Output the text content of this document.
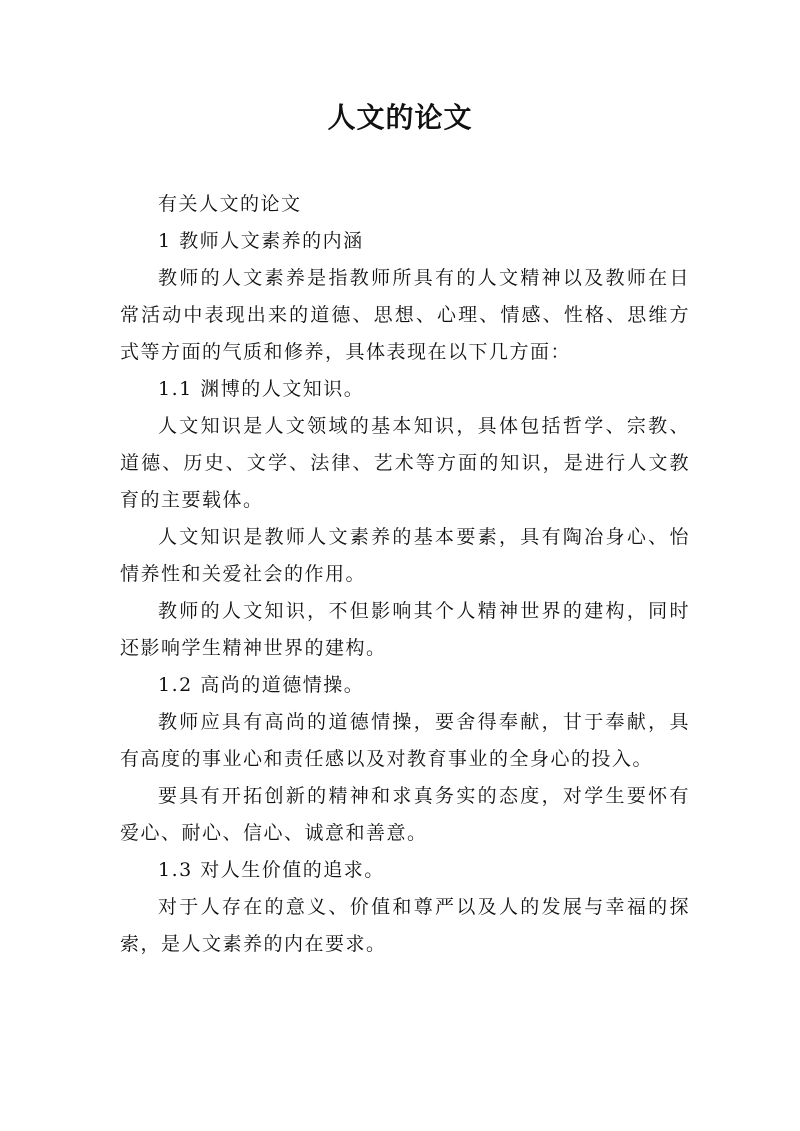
人文的论文

有关人文的论文

1 教师人文素养的内涵

教师的人文素养是指教师所具有的人文精神以及教师在日常活动中表现出来的道德、思想、心理、情感、性格、思维方式等方面的气质和修养，具体表现在以下几方面：

1.1 渊博的人文知识。

人文知识是人文领域的基本知识，具体包括哲学、宗教、道德、历史、文学、法律、艺术等方面的知识，是进行人文教育的主要载体。

人文知识是教师人文素养的基本要素，具有陶冶身心、怡情养性和关爱社会的作用。

教师的人文知识，不但影响其个人精神世界的建构，同时还影响学生精神世界的建构。

1.2 高尚的道德情操。

教师应具有高尚的道德情操，要舍得奉献，甘于奉献，具有高度的事业心和责任感以及对教育事业的全身心的投入。

要具有开拓创新的精神和求真务实的态度，对学生要怀有爱心、耐心、信心、诚意和善意。

1.3 对人生价值的追求。

对于人存在的意义、价值和尊严以及人的发展与幸福的探索，是人文素养的内在要求。
